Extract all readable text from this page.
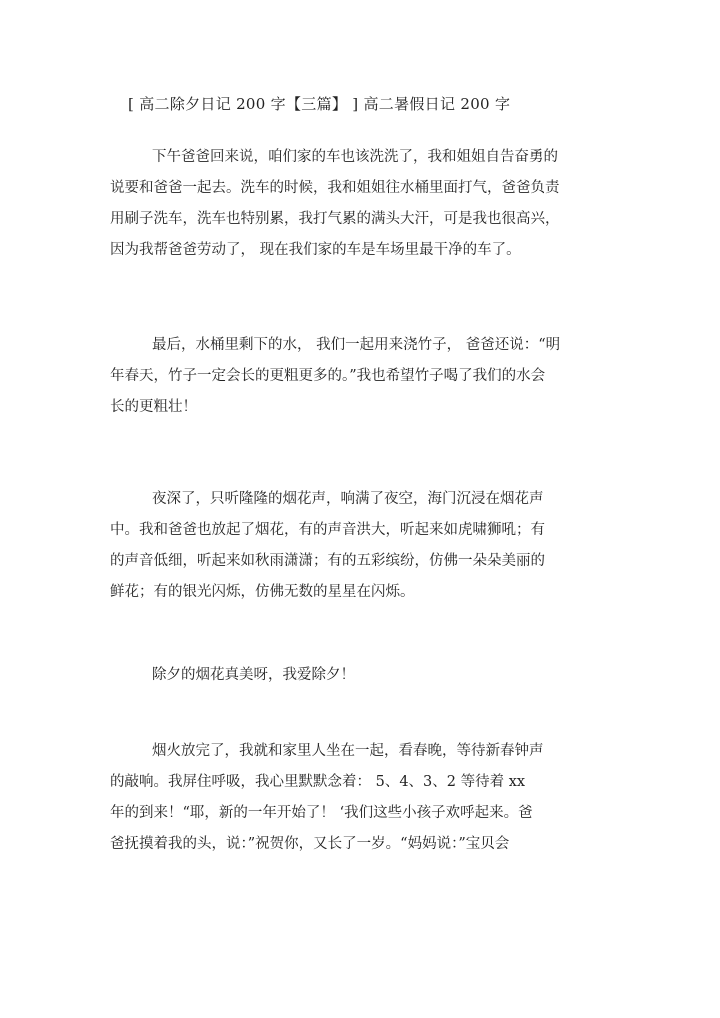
[ 高二除夕日记 200 字【三篇】 ] 高二暑假日记 200 字
下午爸爸回来说，咱们家的车也该洗洗了，我和姐姐自告奋勇的
说要和爸爸一起去。洗车的时候，我和姐姐往水桶里面打气，爸爸负责
用刷子洗车，洗车也特别累，我打气累的满头大汗，可是我也很高兴，
因为我帮爸爸劳动了， 现在我们家的车是车场里最干净的车了。
最后，水桶里剩下的水， 我们一起用来浇竹子， 爸爸还说：“明
年春天，竹子一定会长的更粗更多的。”我也希望竹子喝了我们的水会
长的更粗壮！
夜深了，只听隆隆的烟花声，响满了夜空，海门沉浸在烟花声
中。我和爸爸也放起了烟花，有的声音洪大，听起来如虎啸狮吼；有
的声音低细，听起来如秋雨潇潇；有的五彩缤纷，仿佛一朵朵美丽的
鲜花；有的银光闪烁，仿佛无数的星星在闪烁。
除夕的烟花真美呀，我爱除夕！
烟火放完了，我就和家里人坐在一起，看春晚，等待新春钟声
的敲响。我屏住呼吸，我心里默默念着： 5、4、3、2 等待着 xx
年的到来！“耶，新的一年开始了！ ‘我们这些小孩子欢呼起来。爸
爸抚摸着我的头，说：”祝贺你，又长了一岁。“妈妈说：”宝贝会
